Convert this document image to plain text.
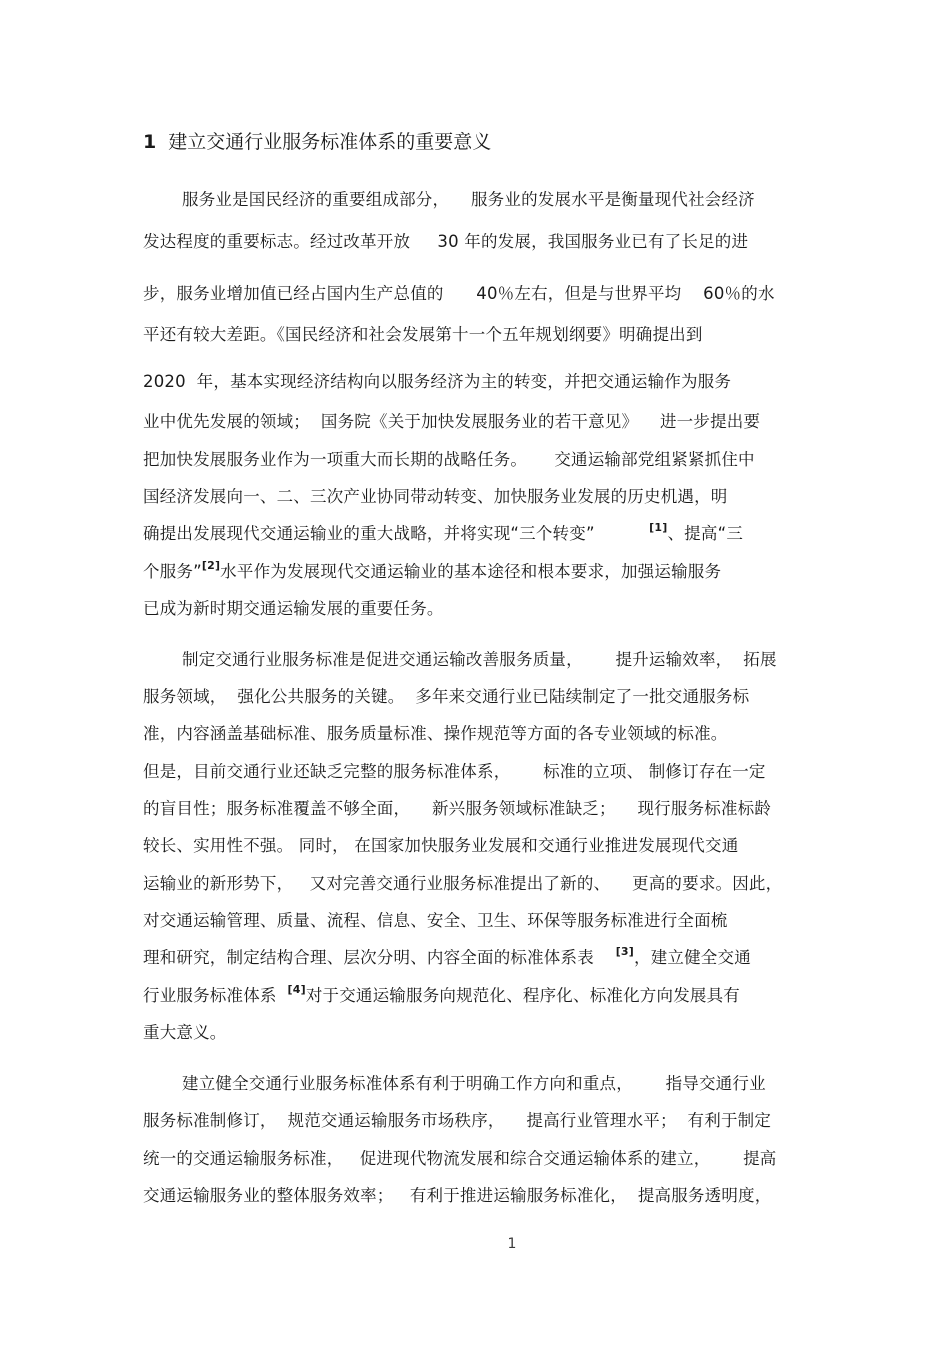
1 建立交通行业服务标准体系的重要意义
服务业是国民经济的重要组成部分，    服务业的发展水平是衡量现代社会经济
发达程度的重要标志。经过改革开放     30 年的发展，我国服务业已有了长足的进
步，服务业增加值已经占国内生产总值的      40％左右，但是与世界平均    60％的水
平还有较大差距。《国民经济和社会发展第十一个五年规划纲要》明确提出到
2020  年，基本实现经济结构向以服务经济为主的转变，并把交通运输作为服务
业中优先发展的领域；  国务院《关于加快发展服务业的若干意见》    进一步提出要
把加快发展服务业作为一项重大而长期的战略任务。     交通运输部党组紧紧抓住中
国经济发展向一、二、三次产业协同带动转变、加快服务业发展的历史机遇，明
确提出发展现代交通运输业的重大战略，并将实现“三个转变”	[1]、提高“三
个服务”[2]水平作为发展现代交通运输业的基本途径和根本要求，加强运输服务
已成为新时期交通运输发展的重要任务。
制定交通行业服务标准是促进交通运输改善服务质量，      提升运输效率，  拓展
服务领域，  强化公共服务的关键。  多年来交通行业已陆续制定了一批交通服务标
准，内容涵盖基础标准、服务质量标准、操作规范等方面的各专业领域的标准。
但是，目前交通行业还缺乏完整的服务标准体系，      标准的立项、 制修订存在一定
的盲目性；服务标准覆盖不够全面，    新兴服务领域标准缺乏；    现行服务标准标龄
较长、实用性不强。 同时， 在国家加快服务业发展和交通行业推进发展现代交通
运输业的新形势下，   又对完善交通行业服务标准提出了新的、    更高的要求。因此，
对交通运输管理、质量、流程、信息、安全、卫生、环保等服务标准进行全面梳
理和研究，制定结构合理、层次分明、内容全面的标准体系表 [3]，建立健全交通
行业服务标准体系 [4]对于交通运输服务向规范化、程序化、标准化方向发展具有
重大意义。
建立健全交通行业服务标准体系有利于明确工作方向和重点，      指导交通行业
服务标准制修订，  规范交通运输服务市场秩序，    提高行业管理水平；  有利于制定
统一的交通运输服务标准，   促进现代物流发展和综合交通运输体系的建立，      提高
交通运输服务业的整体服务效率；   有利于推进运输服务标准化，  提高服务透明度，
1
